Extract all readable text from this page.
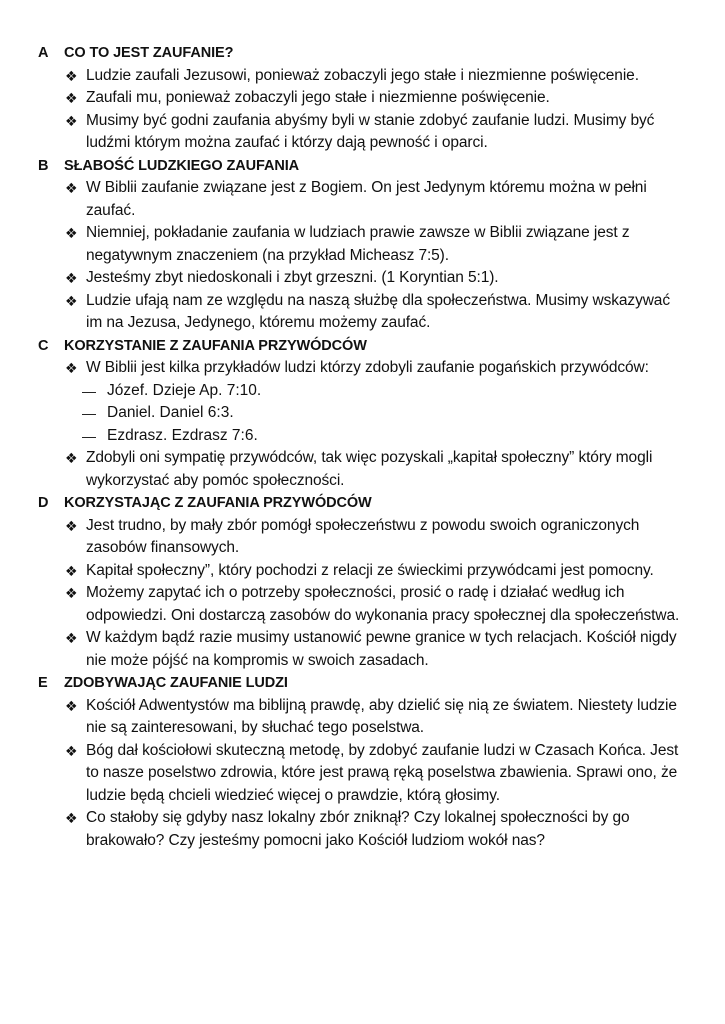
A	CO TO JEST ZAUFANIE?
❖ Ludzie zaufali Jezusowi, ponieważ zobaczyli jego stałe i niezmienne poświęcenie.
❖ Zaufali mu, ponieważ zobaczyli jego stałe i niezmienne poświęcenie.
❖ Musimy być godni zaufania abyśmy byli w stanie zdobyć zaufanie ludzi. Musimy być ludźmi którym można zaufać i którzy dają pewność i oparci.
B	SŁABOŚĆ LUDZKIEGO ZAUFANIA
❖ W Biblii zaufanie związane jest z Bogiem. On jest Jedynym któremu można w pełni zaufać.
❖ Niemniej, pokładanie zaufania w ludziach prawie zawsze w Biblii związane jest z negatywnym znaczeniem (na przykład Micheasz 7:5).
❖ Jesteśmy zbyt niedoskonali i zbyt grzeszni. (1 Koryntian 5:1).
❖ Ludzie ufają nam ze względu na naszą służbę dla społeczeństwa. Musimy wskazywać im na Jezusa, Jedynego, któremu możemy zaufać.
C	KORZYSTANIE Z ZAUFANIA PRZYWÓDCÓW
❖ W Biblii jest kilka przykładów ludzi którzy zdobyli zaufanie pogańskich przywódców:
— Józef. Dzieje Ap. 7:10.
— Daniel. Daniel 6:3.
— Ezdrasz. Ezdrasz 7:6.
❖ Zdobyli oni sympatię przywódców, tak więc pozyskali „kapitał społeczny” który mogli wykorzystać aby pomóc społeczności.
D	KORZYSTAJĄC Z ZAUFANIA PRZYWÓDCÓW
❖ Jest trudno, by mały zbór pomógł społeczeństwu z powodu swoich ograniczonych zasobów finansowych.
❖ Kapitał społeczny”, który pochodzi z relacji ze świeckimi przywódcami jest pomocny.
❖ Możemy zapytać ich o potrzeby społeczności, prosić o radę i działać według ich odpowiedzi. Oni dostarczą zasobów do wykonania pracy społecznej dla społeczeństwa.
❖ W każdym bądź razie musimy ustanowić pewne granice w tych relacjach. Kościół nigdy nie może pójść na kompromis w swoich zasadach.
E	ZDOBYWAJĄC ZAUFANIE LUDZI
❖ Kościół Adwentystów ma biblijną prawdę, aby dzielić się nią ze światem. Niestety ludzie nie są zainteresowani, by słuchać tego poselstwa.
❖ Bóg dał kościołowi skuteczną metodę, by zdobyć zaufanie ludzi w Czasach Końca. Jest to nasze poselstwo zdrowia, które jest prawą ręką poselstwa zbawienia. Sprawi ono, że ludzie będą chcieli wiedzieć więcej o prawdzie, którą głosimy.
❖ Co stałoby się gdyby nasz lokalny zbór zniknął? Czy lokalnej społeczności by go brakowało? Czy jesteśmy pomocni jako Kościół ludziom wokół nas?
